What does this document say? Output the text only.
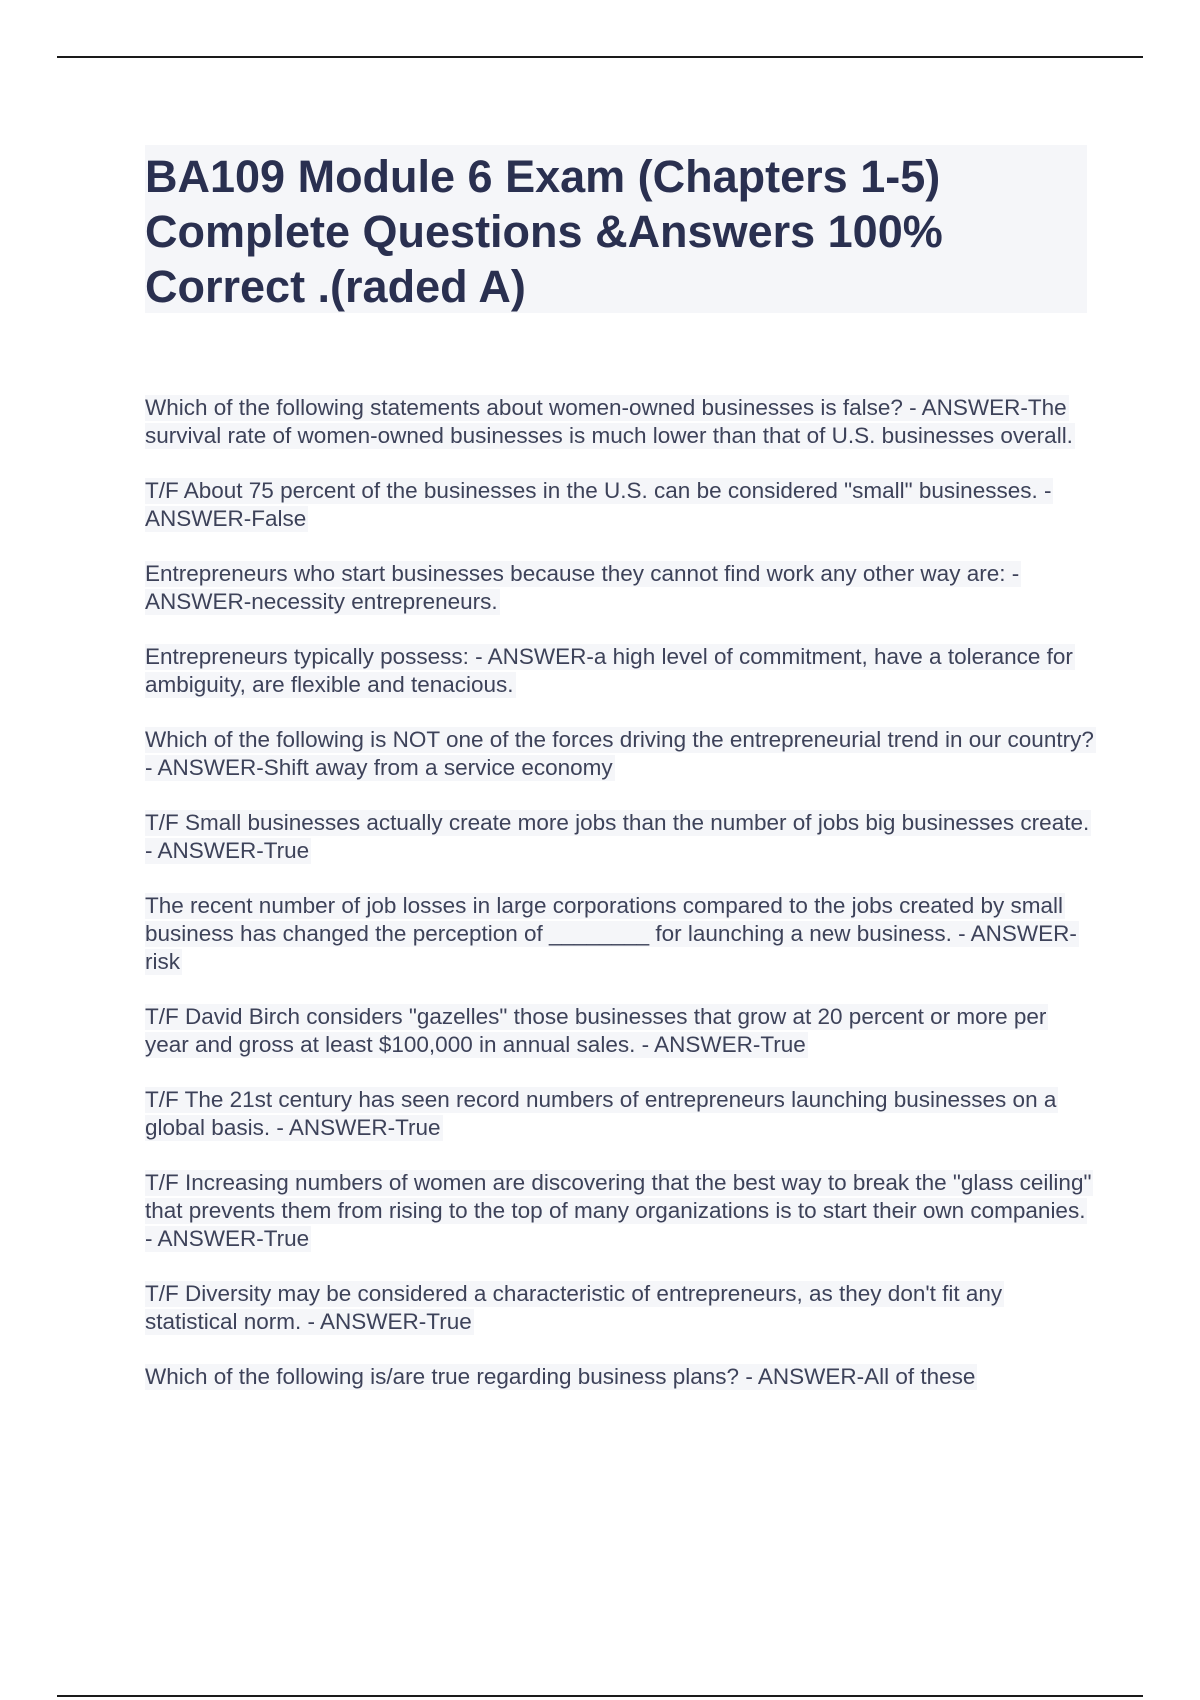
BA109 Module 6 Exam (Chapters 1-5)
Complete Questions &Answers 100%
Correct .(raded A)

Which of the following statements about women-owned businesses is false? - ANSWER-The survival rate of women-owned businesses is much lower than that of U.S. businesses overall.

T/F About 75 percent of the businesses in the U.S. can be considered "small" businesses. - ANSWER-False

Entrepreneurs who start businesses because they cannot find work any other way are: - ANSWER-necessity entrepreneurs.

Entrepreneurs typically possess: - ANSWER-a high level of commitment, have a tolerance for ambiguity, are flexible and tenacious.

Which of the following is NOT one of the forces driving the entrepreneurial trend in our country? - ANSWER-Shift away from a service economy

T/F Small businesses actually create more jobs than the number of jobs big businesses create. - ANSWER-True

The recent number of job losses in large corporations compared to the jobs created by small business has changed the perception of ________ for launching a new business. - ANSWER-risk

T/F David Birch considers "gazelles" those businesses that grow at 20 percent or more per year and gross at least $100,000 in annual sales. - ANSWER-True

T/F The 21st century has seen record numbers of entrepreneurs launching businesses on a global basis. - ANSWER-True

T/F Increasing numbers of women are discovering that the best way to break the "glass ceiling" that prevents them from rising to the top of many organizations is to start their own companies. - ANSWER-True

T/F Diversity may be considered a characteristic of entrepreneurs, as they don't fit any statistical norm. - ANSWER-True

Which of the following is/are true regarding business plans? - ANSWER-All of these
